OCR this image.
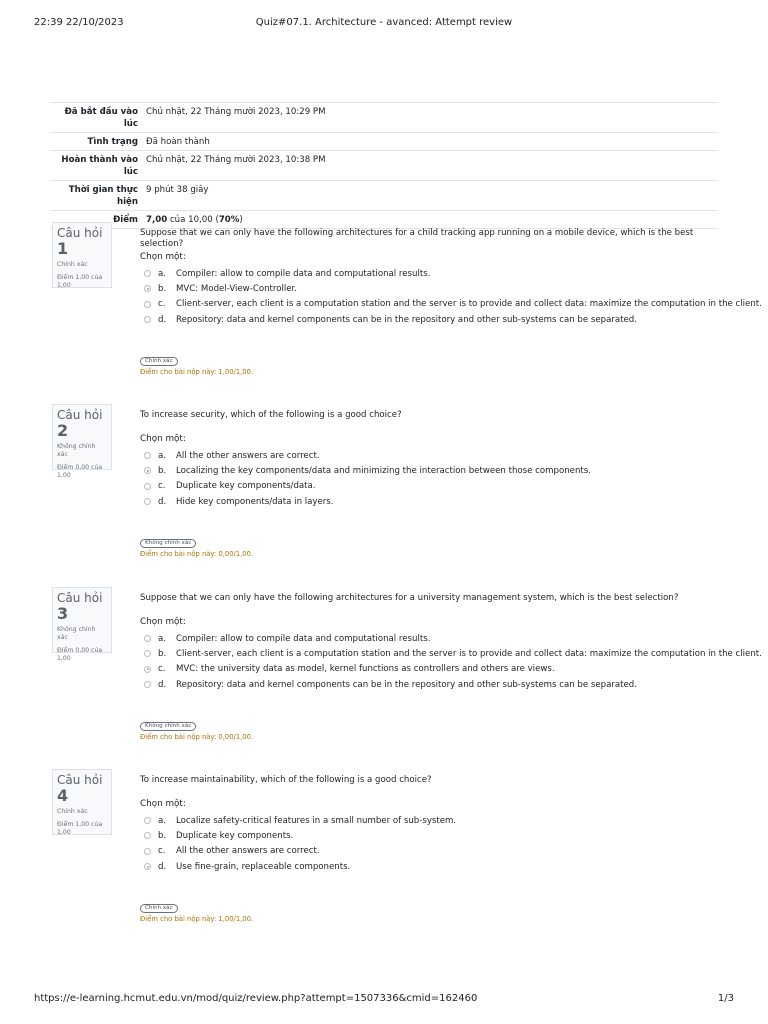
22:39 22/10/2023	Quiz#07.1. Architecture - avanced: Attempt review
Đã bắt đầu vào lúc	Chủ nhật, 22 Tháng mười 2023, 10:29 PM
Tình trạng	Đã hoàn thành
Hoàn thành vào lúc	Chủ nhật, 22 Tháng mười 2023, 10:38 PM
Thời gian thực hiện	9 phút 38 giây
Điểm	7,00 của 10,00 (70%)
Câu hỏi
1
Chính xác
Điểm 1,00 của 1,00
Suppose that we can only have the following architectures for a child tracking app running on a mobile device, which is the best selection?
Chọn một:
a.	Compiler: allow to compile data and computational results.
b.	MVC: Model-View-Controller.
c.	Client-server, each client is a computation station and the server is to provide and collect data: maximize the computation in the client.
d.	Repository: data and kernel components can be in the repository and other sub-systems can be separated.
Chính xác
Điểm cho bài nộp này: 1,00/1,00.
Câu hỏi
2
Không chính xác
Điểm 0,00 của 1,00
To increase security, which of the following is a good choice?
Chọn một:
a.	All the other answers are correct.
b.	Localizing the key components/data and minimizing the interaction between those components.
c.	Duplicate key components/data.
d.	Hide key components/data in layers.
Không chính xác
Điểm cho bài nộp này: 0,00/1,00.
Câu hỏi
3
Không chính xác
Điểm 0,00 của 1,00
Suppose that we can only have the following architectures for a university management system, which is the best selection?
Chọn một:
a.	Compiler: allow to compile data and computational results.
b.	Client-server, each client is a computation station and the server is to provide and collect data: maximize the computation in the client.
c.	MVC: the university data as model, kernel functions as controllers and others are views.
d.	Repository: data and kernel components can be in the repository and other sub-systems can be separated.
Không chính xác
Điểm cho bài nộp này: 0,00/1,00.
Câu hỏi
4
Chính xác
Điểm 1,00 của 1,00
To increase maintainability, which of the following is a good choice?
Chọn một:
a.	Localize safety-critical features in a small number of sub-system.
b.	Duplicate key components.
c.	All the other answers are correct.
d.	Use fine-grain, replaceable components.
Chính xác
Điểm cho bài nộp này: 1,00/1,00.
https://e-learning.hcmut.edu.vn/mod/quiz/review.php?attempt=1507336&cmid=162460	1/3
